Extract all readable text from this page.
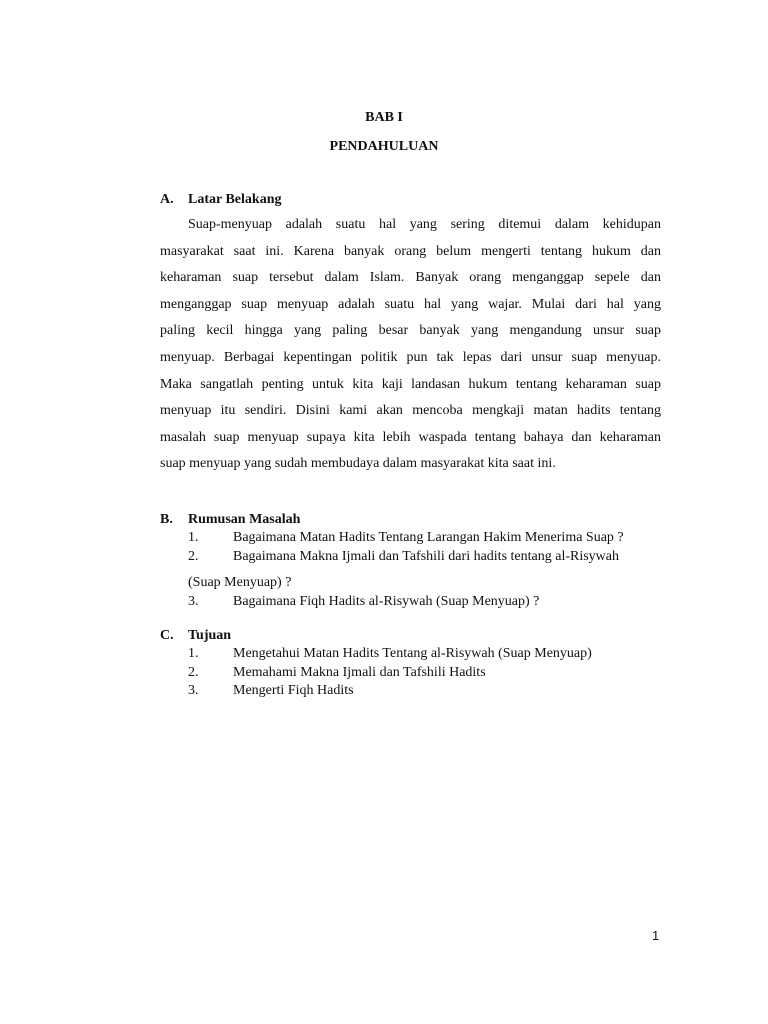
BAB I
PENDAHULUAN
A. Latar Belakang
Suap-menyuap adalah suatu hal yang sering ditemui dalam kehidupan
masyarakat saat ini. Karena banyak orang belum mengerti tentang hukum dan
keharaman suap tersebut dalam Islam. Banyak orang menganggap sepele dan
menganggap suap menyuap adalah suatu hal yang wajar. Mulai dari hal yang
paling kecil hingga yang paling besar banyak yang mengandung unsur suap
menyuap. Berbagai kepentingan politik pun tak lepas dari unsur suap menyuap.
Maka sangatlah penting untuk kita kaji landasan hukum tentang keharaman suap
menyuap itu sendiri. Disini kami akan mencoba mengkaji matan hadits tentang
masalah suap menyuap supaya kita lebih waspada tentang bahaya dan keharaman
suap menyuap yang sudah membudaya dalam masyarakat kita saat ini.
B. Rumusan Masalah
1. Bagaimana Matan Hadits Tentang Larangan Hakim Menerima Suap ?
2. Bagaimana Makna Ijmali dan Tafshili dari hadits tentang al-Risywah
(Suap Menyuap) ?
3. Bagaimana Fiqh Hadits al-Risywah (Suap Menyuap) ?
C. Tujuan
1. Mengetahui Matan Hadits Tentang al-Risywah (Suap Menyuap)
2. Memahami Makna Ijmali dan Tafshili Hadits
3. Mengerti Fiqh Hadits
1
